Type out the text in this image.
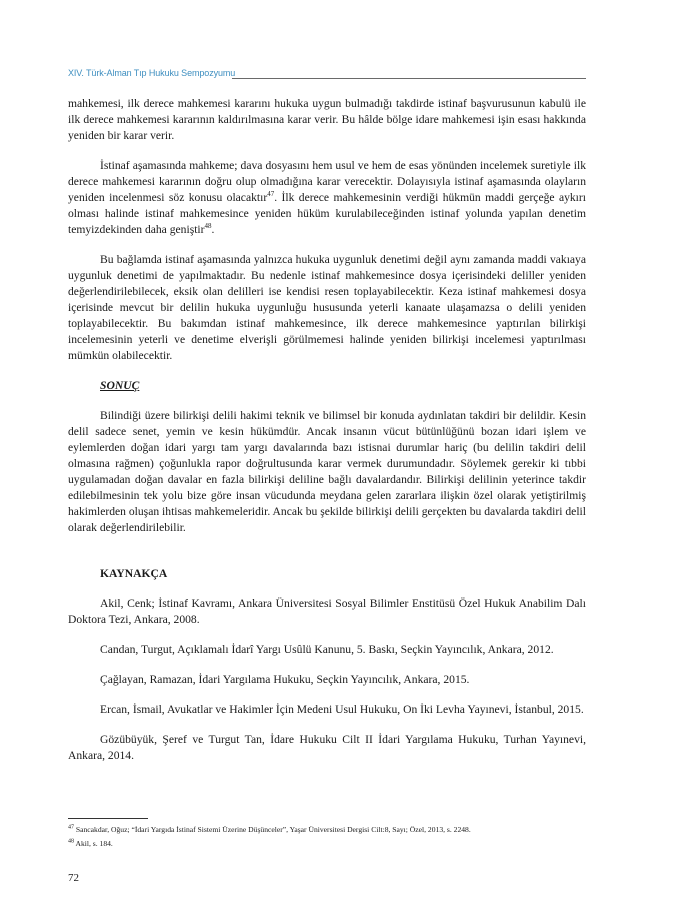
XIV. Türk-Alman Tıp Hukuku Sempozyumu

mahkemesi, ilk derece mahkemesi kararını hukuka uygun bulmadığı takdirde istinaf başvurusunun kabulü ile ilk derece mahkemesi kararının kaldırılmasına karar verir. Bu hâlde bölge idare mahkemesi işin esası hakkında yeniden bir karar verir.

İstinaf aşamasında mahkeme; dava dosyasını hem usul ve hem de esas yönünden incelemek suretiyle ilk derece mahkemesi kararının doğru olup olmadığına karar verecektir. Dolayısıyla istinaf aşamasında olayların yeniden incelenmesi söz konusu olacaktır$^{47}$. İlk derece mahkemesinin verdiği hükmün maddi gerçeğe aykırı olması halinde istinaf mahkemesince yeniden hüküm kurulabileceğinden istinaf yolunda yapılan denetim temyizdekinden daha geniştir$^{48}$.

Bu bağlamda istinaf aşamasında yalnızca hukuka uygunluk denetimi değil aynı zamanda maddi vakıaya uygunluk denetimi de yapılmaktadır. Bu nedenle istinaf mahkemesince dosya içerisindeki deliller yeniden değerlendirilebilecek, eksik olan delilleri ise kendisi resen toplayabilecektir. Keza istinaf mahkemesi dosya içerisinde mevcut bir delilin hukuka uygunluğu hususunda yeterli kanaate ulaşamazsa o delili yeniden toplayabilecektir. Bu bakımdan istinaf mahkemesince, ilk derece mahkemesince yaptırılan bilirkişi incelemesinin yeterli ve denetime elverişli görülmemesi halinde yeniden bilirkişi incelemesi yaptırılması mümkün olabilecektir.

SONUÇ

Bilindiği üzere bilirkişi delili hakimi teknik ve bilimsel bir konuda aydınlatan takdiri bir delildir. Kesin delil sadece senet, yemin ve kesin hükümdür. Ancak insanın vücut bütünlüğünü bozan idari işlem ve eylemlerden doğan idari yargı tam yargı davalarında bazı istisnai durumlar hariç (bu delilin takdiri delil olmasına rağmen) çoğunlukla rapor doğrultusunda karar vermek durumundadır. Söylemek gerekir ki tıbbi uygulamadan doğan davalar en fazla bilirkişi deliline bağlı davalardandır. Bilirkişi delilinin yeterince takdir edilebilmesinin tek yolu bize göre insan vücudunda meydana gelen zararlara ilişkin özel olarak yetiştirilmiş hakimlerden oluşan ihtisas mahkemeleridir. Ancak bu şekilde bilirkişi delili gerçekten bu davalarda takdiri delil olarak değerlendirilebilir.

KAYNAKÇA

Akil, Cenk; İstinaf Kavramı, Ankara Üniversitesi Sosyal Bilimler Enstitüsü Özel Hukuk Anabilim Dalı Doktora Tezi, Ankara, 2008.

Candan, Turgut, Açıklamalı İdarî Yargı Usûlü Kanunu, 5. Baskı, Seçkin Yayıncılık, Ankara, 2012.

Çağlayan, Ramazan, İdari Yargılama Hukuku, Seçkin Yayıncılık, Ankara, 2015.

Ercan, İsmail, Avukatlar ve Hakimler İçin Medeni Usul Hukuku, On İki Levha Yayınevi, İstanbul, 2015.

Gözübüyük, Şeref ve Turgut Tan, İdare Hukuku Cilt II İdari Yargılama Hukuku, Turhan Yayınevi, Ankara, 2014.

$^{47}$ Sancakdar, Oğuz; “İdari Yargıda İstinaf Sistemi Üzerine Düşünceler”, Yaşar Üniversitesi Dergisi Cilt:8, Sayı; Özel, 2013, s. 2248.

$^{48}$ Akil, s. 184.

72
